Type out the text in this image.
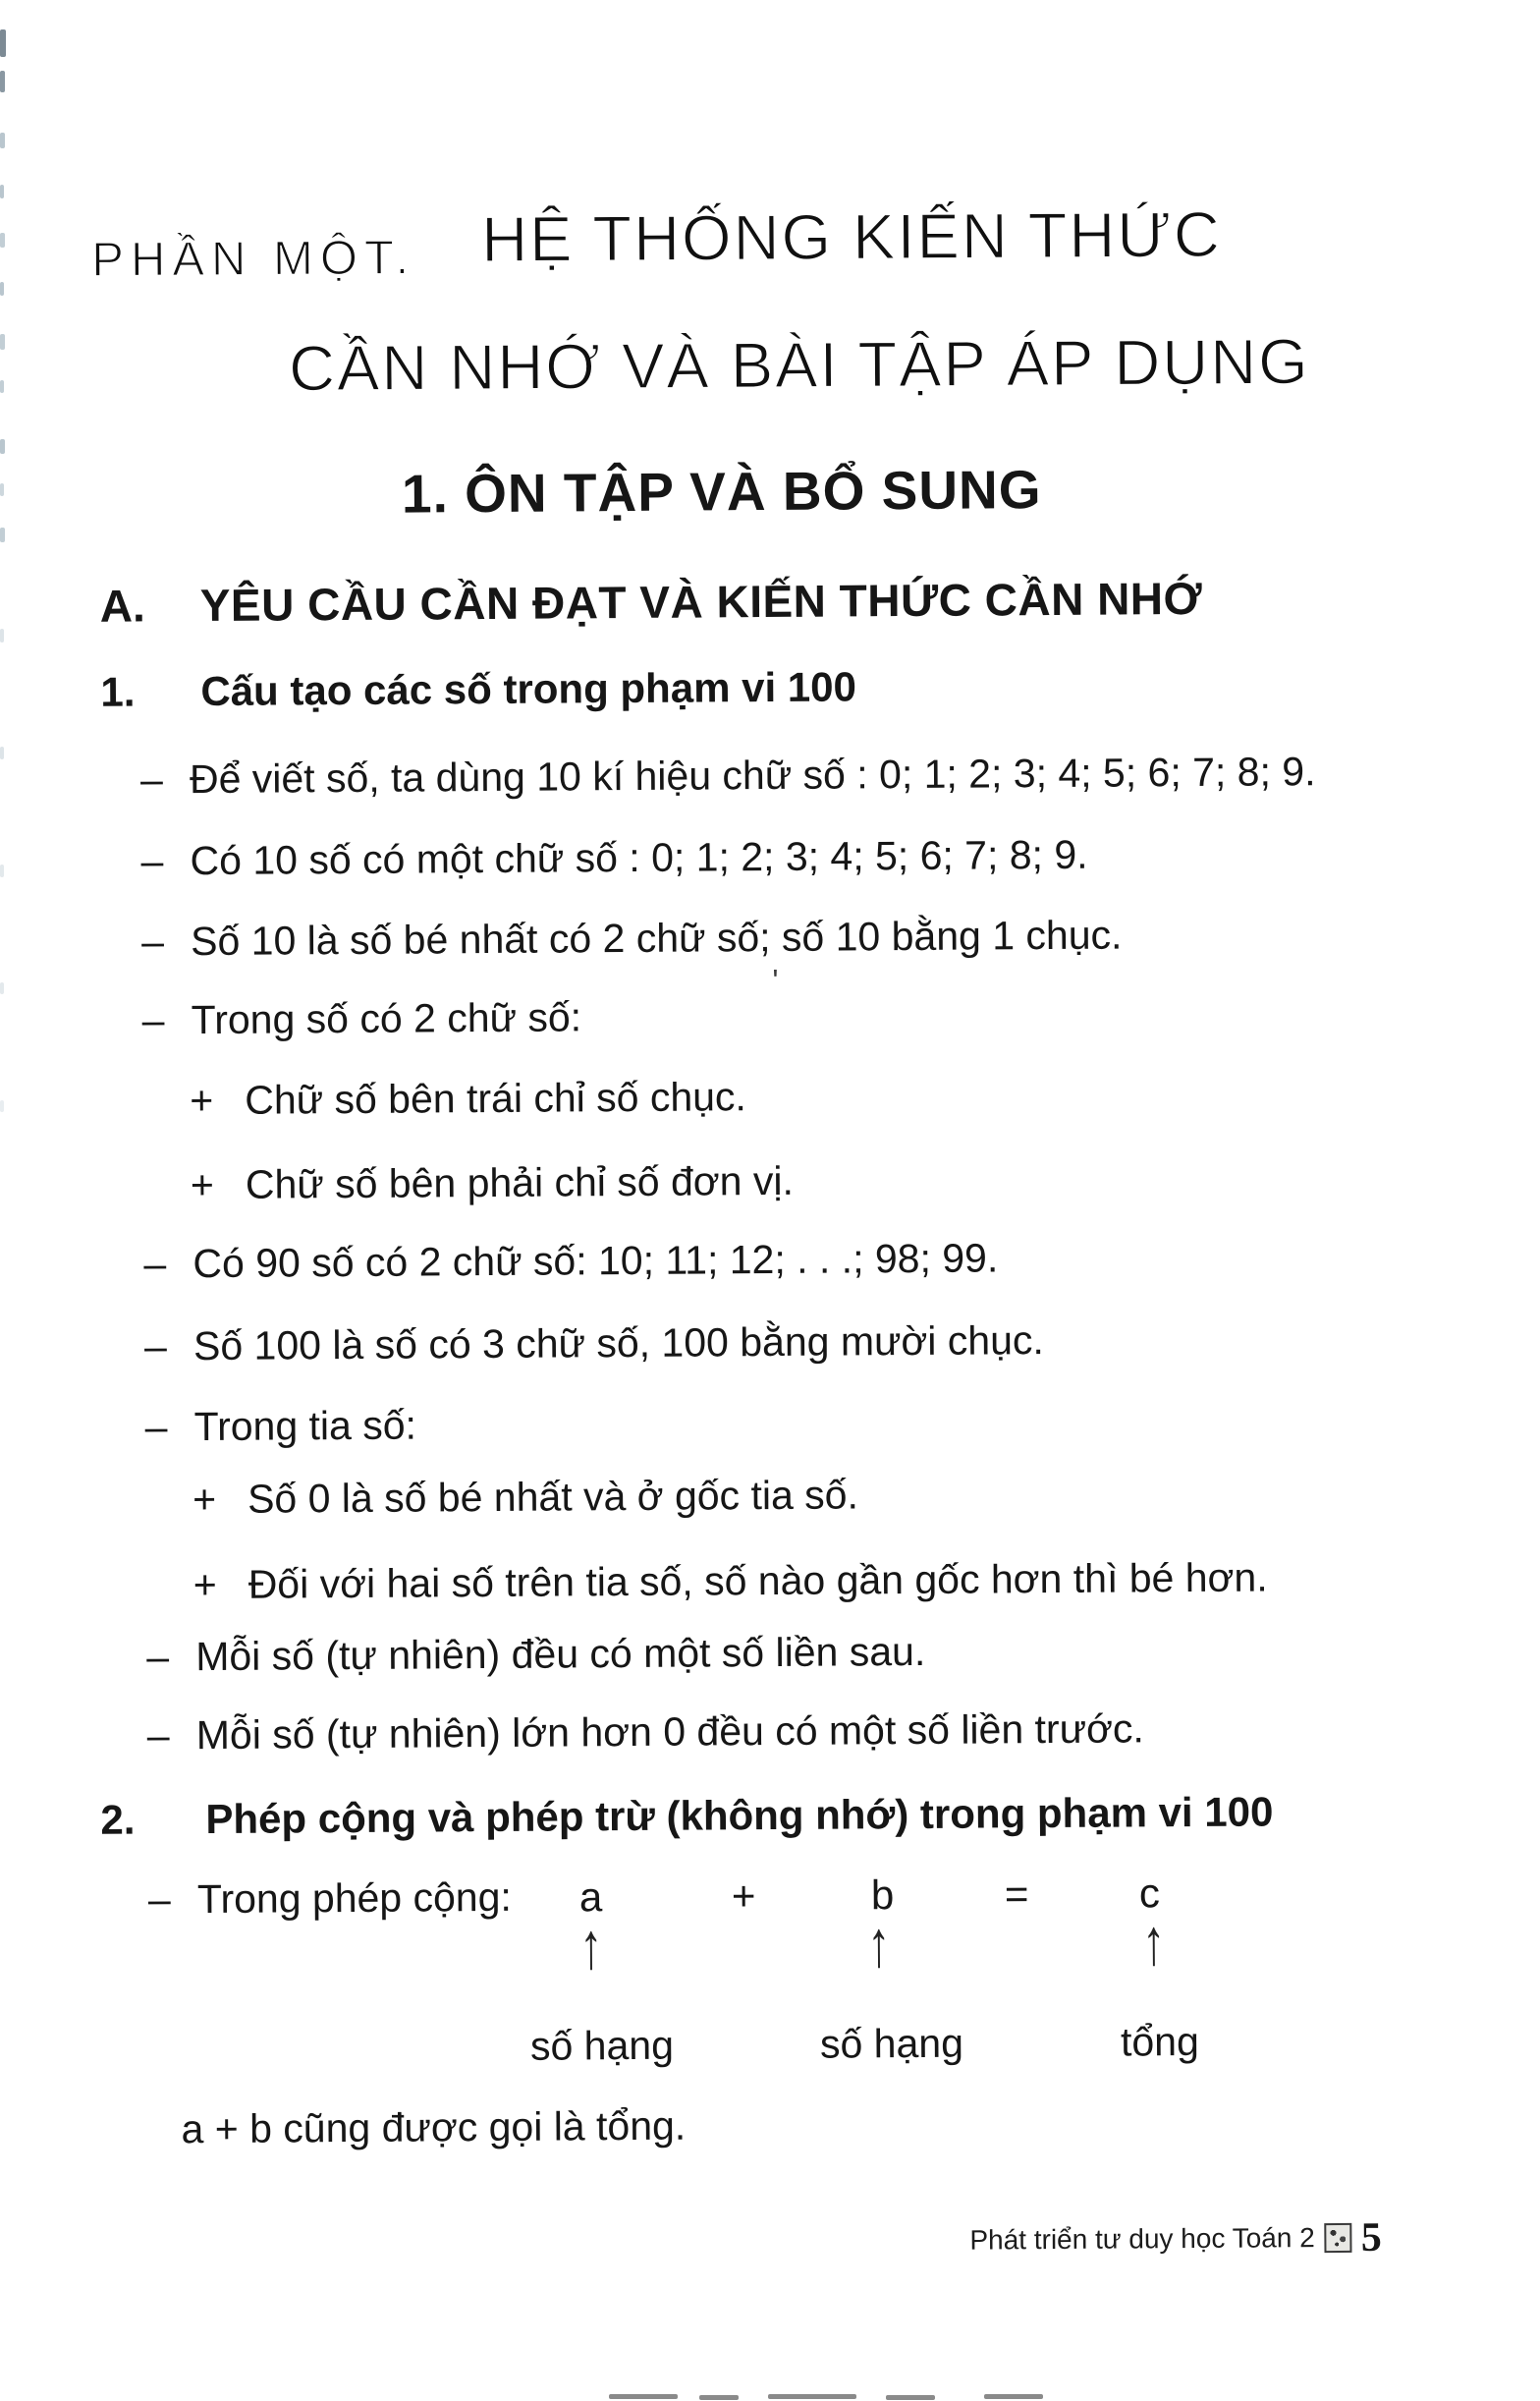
PHẦN MỘT. HỆ THỐNG KIẾN THỨC
CẦN NHỚ VÀ BÀI TẬP ÁP DỤNG
1. ÔN TẬP VÀ BỔ SUNG
A. YÊU CẦU CẦN ĐẠT VÀ KIẾN THỨC CẦN NHỚ
1. Cấu tạo các số trong phạm vi 100
– Để viết số, ta dùng 10 kí hiệu chữ số : 0; 1; 2; 3; 4; 5; 6; 7; 8; 9.
– Có 10 số có một chữ số : 0; 1; 2; 3; 4; 5; 6; 7; 8; 9.
– Số 10 là số bé nhất có 2 chữ số; số 10 bằng 1 chục.
– Trong số có 2 chữ số:
+ Chữ số bên trái chỉ số chục.
+ Chữ số bên phải chỉ số đơn vị.
– Có 90 số có 2 chữ số: 10; 11; 12; . . .; 98; 99.
– Số 100 là số có 3 chữ số, 100 bằng mười chục.
– Trong tia số:
+ Số 0 là số bé nhất và ở gốc tia số.
+ Đối với hai số trên tia số, số nào gần gốc hơn thì bé hơn.
– Mỗi số (tự nhiên) đều có một số liền sau.
– Mỗi số (tự nhiên) lớn hơn 0 đều có một số liền trước.
2. Phép cộng và phép trừ (không nhớ) trong phạm vi 100
– Trong phép cộng: a	+	b	=	c
↑	↑	↑
số hạng	số hạng	tổng
a + b cũng được gọi là tổng.
'
Phát triển tư duy học Toán 2 5
